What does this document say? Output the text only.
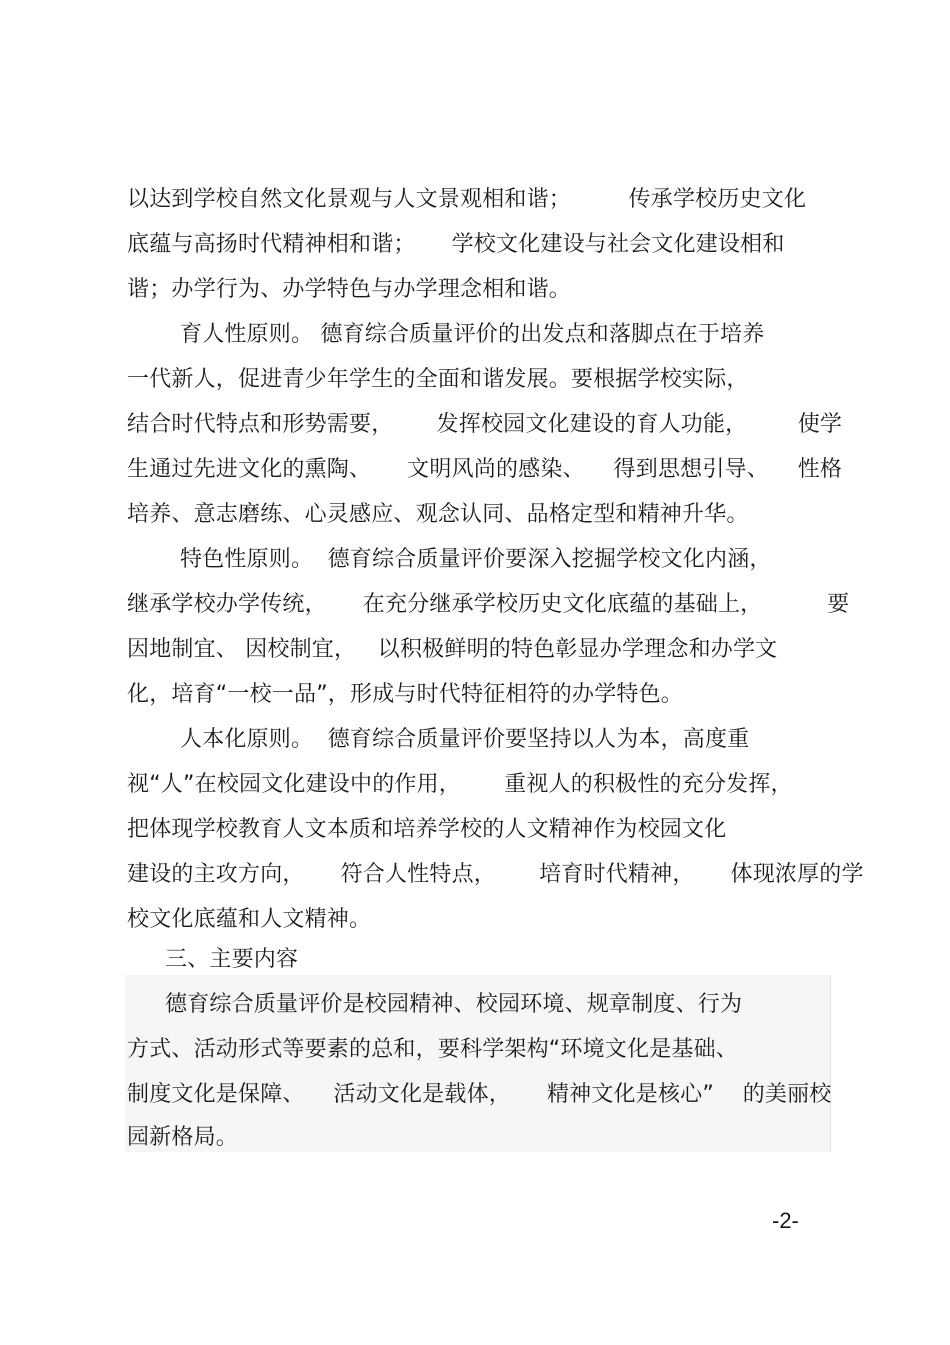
以达到学校自然文化景观与人文景观相和谐；        传承学校历史文化
底蕴与高扬时代精神相和谐；     学校文化建设与社会文化建设相和
谐；办学行为、办学特色与办学理念相和谐。
育人性原则。 德育综合质量评价的出发点和落脚点在于培养
一代新人，促进青少年学生的全面和谐发展。要根据学校实际，
结合时代特点和形势需要，      发挥校园文化建设的育人功能，       使学
生通过先进文化的熏陶、     文明风尚的感染、    得到思想引导、    性格
培养、意志磨练、心灵感应、观念认同、品格定型和精神升华。
特色性原则。  德育综合质量评价要深入挖掘学校文化内涵，
继承学校办学传统，     在充分继承学校历史文化底蕴的基础上，         要
因地制宜、 因校制宜，   以积极鲜明的特色彰显办学理念和办学文
化，培育“一校一品”，形成与时代特征相符的办学特色。
人本化原则。  德育综合质量评价要坚持以人为本，高度重
视“人”在校园文化建设中的作用，      重视人的积极性的充分发挥，
把体现学校教育人文本质和培养学校的人文精神作为校园文化
建设的主攻方向，     符合人性特点，      培育时代精神，     体现浓厚的学
校文化底蕴和人文精神。
三、主要内容
德育综合质量评价是校园精神、校园环境、规章制度、行为
方式、活动形式等要素的总和，要科学架构“环境文化是基础、
制度文化是保障、    活动文化是载体，     精神文化是核心”    的美丽校
园新格局。
-2-
